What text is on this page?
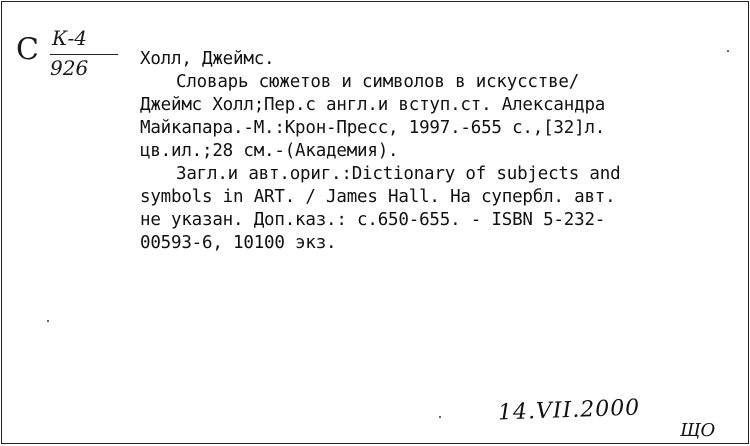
С К-4
926	Холл, Джеймс.
Словарь сюжетов и символов в искусстве/
Джеймс Холл;Пер.с англ.и вступ.ст. Александра
Майкапара.-М.:Крон-Пресс, 1997.-655 с.,[32]л.
цв.ил.;28 см.-(Академия).
Загл.и авт.ориг.:Dictionary of subjects and
symbols in ART. / James Hall. На супербл. авт.
не указан. Доп.каз.: с.650-655. - ISBN 5-232-
00593-6, 10100 экз.
14.VII.2000
ЩО
